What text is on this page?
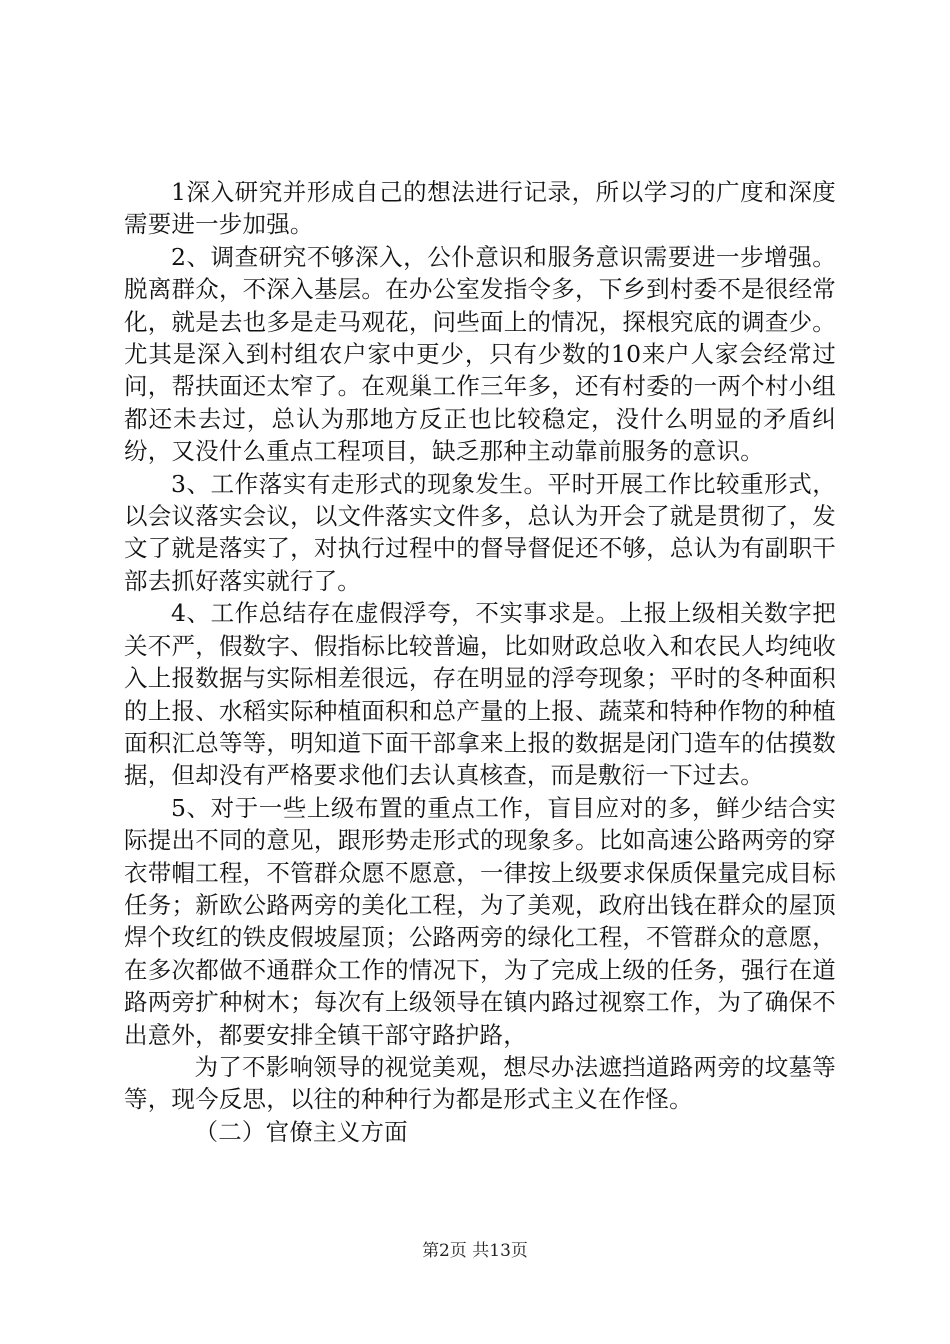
1深入研究并形成自己的想法进行记录，所以学习的广度和深度需要进一步加强。

2、调查研究不够深入，公仆意识和服务意识需要进一步增强。脱离群众，不深入基层。在办公室发指令多，下乡到村委不是很经常化，就是去也多是走马观花，问些面上的情况，探根究底的调查少。尤其是深入到村组农户家中更少，只有少数的10来户人家会经常过问，帮扶面还太窄了。在观巢工作三年多，还有村委的一两个村小组都还未去过，总认为那地方反正也比较稳定，没什么明显的矛盾纠纷，又没什么重点工程项目，缺乏那种主动靠前服务的意识。

3、工作落实有走形式的现象发生。平时开展工作比较重形式，以会议落实会议，以文件落实文件多，总认为开会了就是贯彻了，发文了就是落实了，对执行过程中的督导督促还不够，总认为有副职干部去抓好落实就行了。

4、工作总结存在虚假浮夸，不实事求是。上报上级相关数字把关不严，假数字、假指标比较普遍，比如财政总收入和农民人均纯收入上报数据与实际相差很远，存在明显的浮夸现象；平时的冬种面积的上报、水稻实际种植面积和总产量的上报、蔬菜和特种作物的种植面积汇总等等，明知道下面干部拿来上报的数据是闭门造车的估摸数据，但却没有严格要求他们去认真核查，而是敷衍一下过去。

5、对于一些上级布置的重点工作，盲目应对的多，鲜少结合实际提出不同的意见，跟形势走形式的现象多。比如高速公路两旁的穿衣带帽工程，不管群众愿不愿意，一律按上级要求保质保量完成目标任务；新欧公路两旁的美化工程，为了美观，政府出钱在群众的屋顶焊个玫红的铁皮假坡屋顶；公路两旁的绿化工程，不管群众的意愿，在多次都做不通群众工作的情况下，为了完成上级的任务，强行在道路两旁扩种树木；每次有上级领导在镇内路过视察工作，为了确保不出意外，都要安排全镇干部守路护路，

为了不影响领导的视觉美观，想尽办法遮挡道路两旁的坟墓等等，现今反思，以往的种种行为都是形式主义在作怪。

（二）官僚主义方面

第2页 共13页
